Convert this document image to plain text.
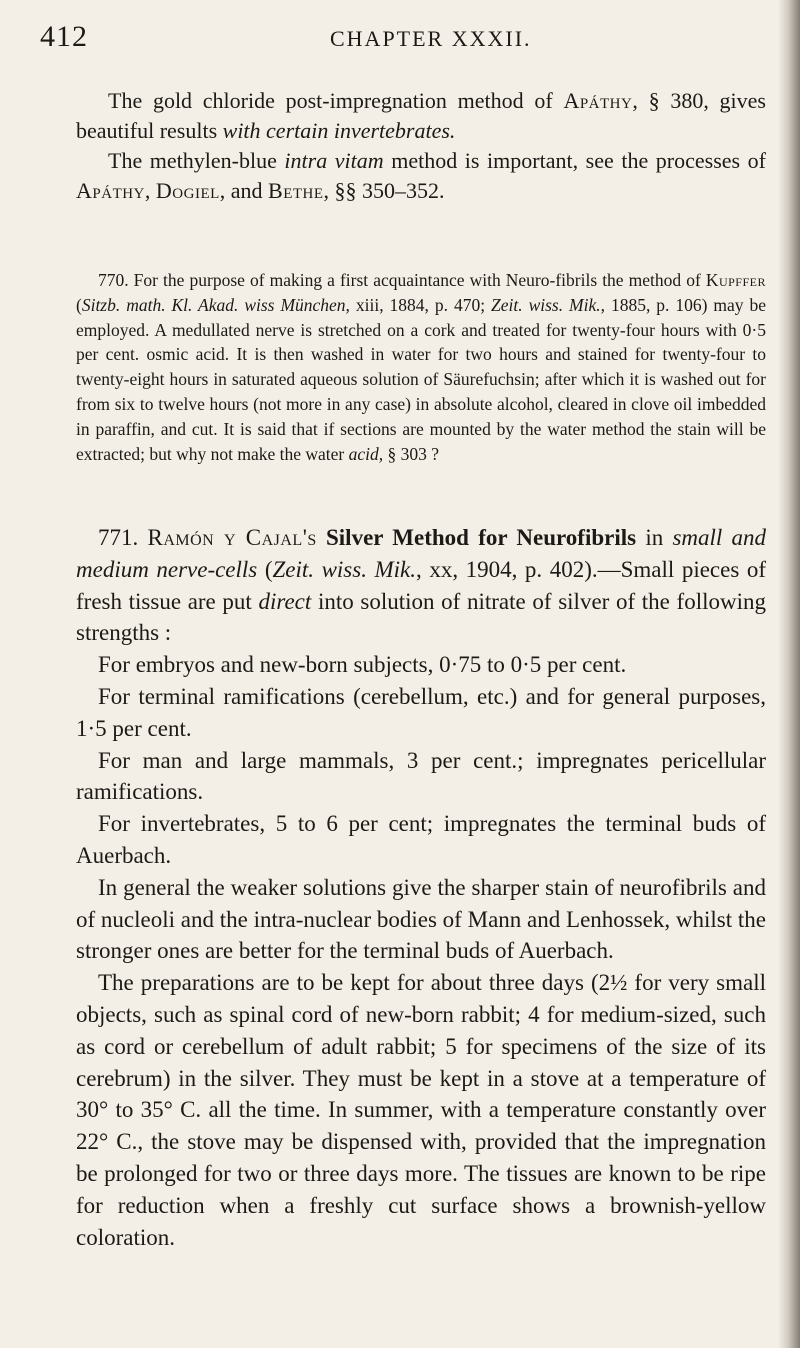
412	CHAPTER XXXII.

The gold chloride post-impregnation method of Apáthy, § 380, gives beautiful results with certain invertebrates.

The methylen-blue intra vitam method is important, see the processes of Apáthy, Dogiel, and Bethe, §§ 350–352.

770. For the purpose of making a first acquaintance with Neuro-fibrils the method of Kupffer (Sitzb. math. Kl. Akad. wiss München, xiii, 1884, p. 470; Zeit. wiss. Mik., 1885, p. 106) may be employed. A medullated nerve is stretched on a cork and treated for twenty-four hours with 0·5 per cent. osmic acid. It is then washed in water for two hours and stained for twenty-four to twenty-eight hours in saturated aqueous solution of Säurefuchsin; after which it is washed out for from six to twelve hours (not more in any case) in absolute alcohol, cleared in clove oil imbedded in paraffin, and cut. It is said that if sections are mounted by the water method the stain will be extracted; but why not make the water acid, § 303 ?

771. Ramón y Cajal's Silver Method for Neurofibrils in small and medium nerve-cells (Zeit. wiss. Mik., xx, 1904, p. 402).—Small pieces of fresh tissue are put direct into solution of nitrate of silver of the following strengths :

For embryos and new-born subjects, 0·75 to 0·5 per cent.

For terminal ramifications (cerebellum, etc.) and for general purposes, 1·5 per cent.

For man and large mammals, 3 per cent.; impregnates pericellular ramifications.

For invertebrates, 5 to 6 per cent; impregnates the terminal buds of Auerbach.

In general the weaker solutions give the sharper stain of neurofibrils and of nucleoli and the intra-nuclear bodies of Mann and Lenhossek, whilst the stronger ones are better for the terminal buds of Auerbach.

The preparations are to be kept for about three days (2½ for very small objects, such as spinal cord of new-born rabbit; 4 for medium-sized, such as cord or cerebellum of adult rabbit; 5 for specimens of the size of its cerebrum) in the silver. They must be kept in a stove at a temperature of 30° to 35° C. all the time. In summer, with a temperature constantly over 22° C., the stove may be dispensed with, provided that the impregnation be prolonged for two or three days more. The tissues are known to be ripe for reduction when a freshly cut surface shows a brownish-yellow coloration.
